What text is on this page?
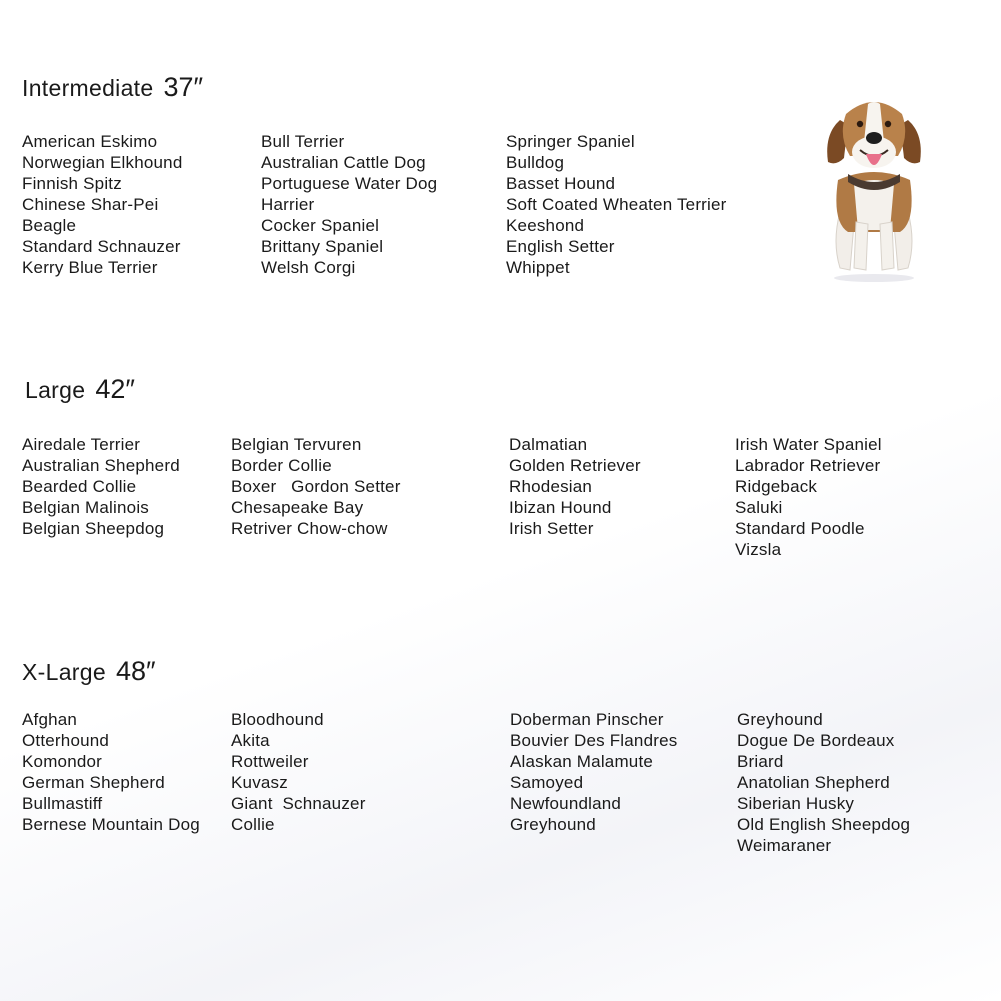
Intermediate 37″
American Eskimo
Norwegian Elkhound
Finnish Spitz
Chinese Shar-Pei
Beagle
Standard Schnauzer
Kerry Blue Terrier
Bull Terrier
Australian Cattle Dog
Portuguese Water Dog
Harrier
Cocker Spaniel
Brittany Spaniel
Welsh Corgi
Springer Spaniel
Bulldog
Basset Hound
Soft Coated Wheaten Terrier
Keeshond
English Setter
Whippet
Large 42″
Airedale Terrier
Australian Shepherd
Bearded Collie
Belgian Malinois
Belgian Sheepdog
Belgian Tervuren
Border Collie
Boxer   Gordon Setter
Chesapeake Bay
Retriver Chow-chow
Dalmatian
Golden Retriever
Rhodesian
Ibizan Hound
Irish Setter
Irish Water Spaniel
Labrador Retriever
Ridgeback
Saluki
Standard Poodle
Vizsla
X-Large 48″
Afghan
Otterhound
Komondor
German Shepherd
Bullmastiff
Bernese Mountain Dog
Bloodhound
Akita
Rottweiler
Kuvasz
Giant  Schnauzer
Collie
Doberman Pinscher
Bouvier Des Flandres
Alaskan Malamute
Samoyed
Newfoundland
Greyhound
Greyhound
Dogue De Bordeaux
Briard
Anatolian Shepherd
Siberian Husky
Old English Sheepdog
Weimaraner
